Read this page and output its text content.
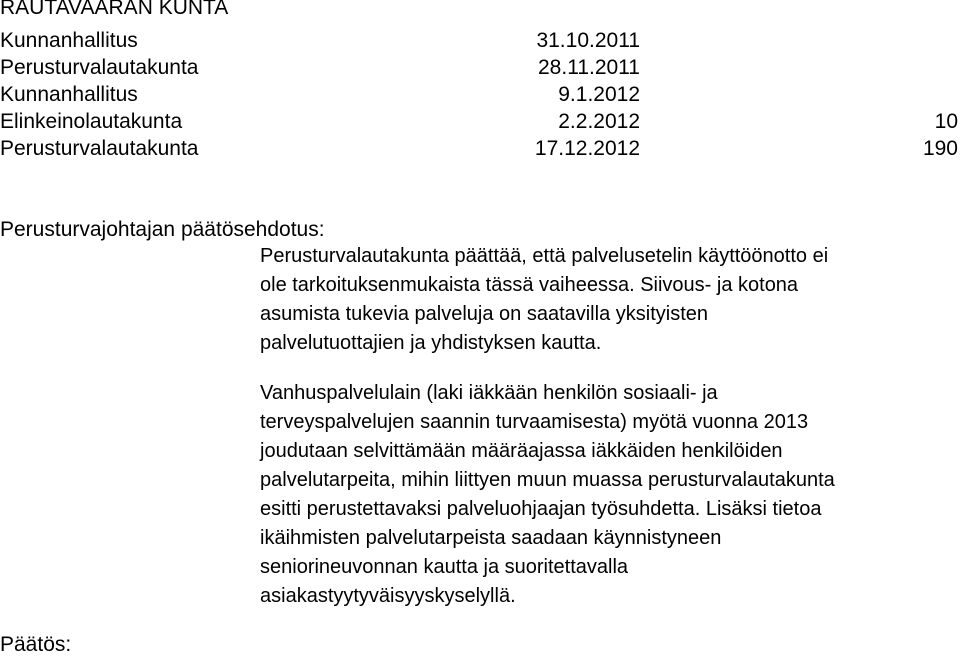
RAUTAVAARAN KUNTA
Kunnanhallitus	31.10.2011
Perusturvalautakunta	28.11.2011
Kunnanhallitus	9.1.2012
Elinkeinolautakunta	2.2.2012	10
Perusturvalautakunta	17.12.2012	190
Perusturvajohtajan päätösehdotus:
Perusturvalautakunta päättää, että palvelusetelin käyttöönotto ei
ole tarkoituksenmukaista tässä vaiheessa. Siivous- ja kotona
asumista tukevia palveluja on saatavilla yksityisten
palvelutuottajien ja yhdistyksen kautta.
Vanhuspalvelulain (laki iäkkään henkilön sosiaali- ja
terveyspalvelujen saannin turvaamisesta) myötä vuonna 2013
joudutaan selvittämään määräajassa iäkkäiden henkilöiden
palvelutarpeita, mihin liittyen muun muassa perusturvalautakunta
esitti perustettavaksi palveluohjaajan työsuhdetta. Lisäksi tietoa
ikäihmisten palvelutarpeista saadaan käynnistyneen
seniorineuvonnan kautta ja suoritettavalla
asiakastyytyväisyyskyselyllä.
Päätös:
